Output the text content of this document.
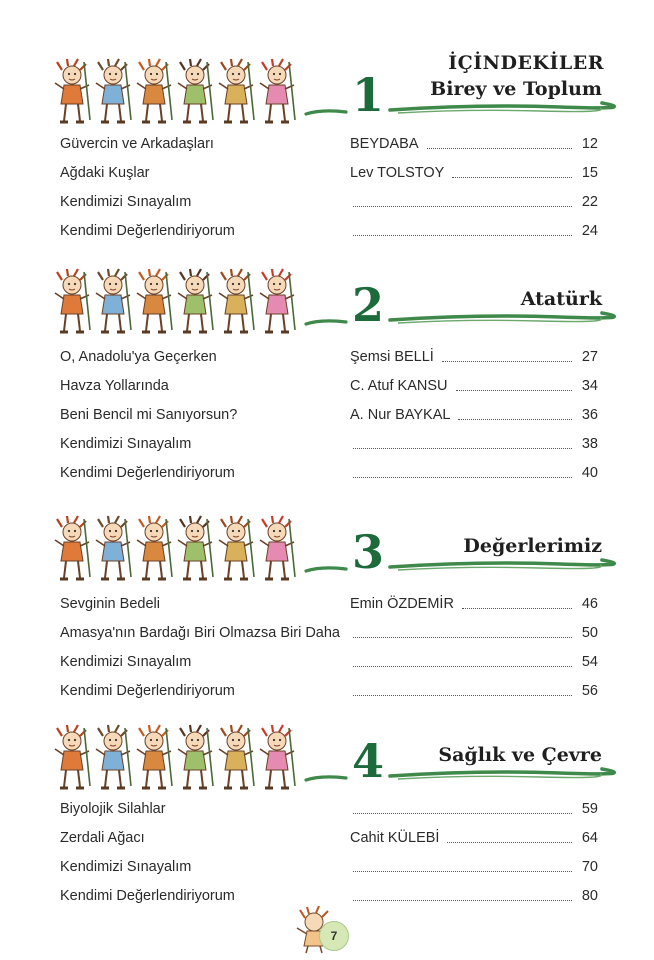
İÇİNDEKİLER
1 Birey ve Toplum
Güvercin ve Arkadaşları	BEYDABA	12
Ağdaki Kuşlar	Lev TOLSTOY	15
Kendimizi Sınayalım	22
Kendimi Değerlendiriyorum	24
2	Atatürk
O, Anadolu'ya Geçerken	Şemsi BELLİ	27
Havza Yollarında	C. Atuf KANSU	34
Beni Bencil mi Sanıyorsun?	A. Nur BAYKAL	36
Kendimizi Sınayalım	38
Kendimi Değerlendiriyorum	40
3	Değerlerimiz
Sevginin Bedeli	Emin ÖZDEMİR	46
Amasya'nın Bardağı Biri Olmazsa Biri Daha	50
Kendimizi Sınayalım	54
Kendimi Değerlendiriyorum	56
4	Sağlık ve Çevre
Biyolojik Silahlar	59
Zerdali Ağacı	Cahit KÜLEBİ	64
Kendimizi Sınayalım	70
Kendimi Değerlendiriyorum	80
7
